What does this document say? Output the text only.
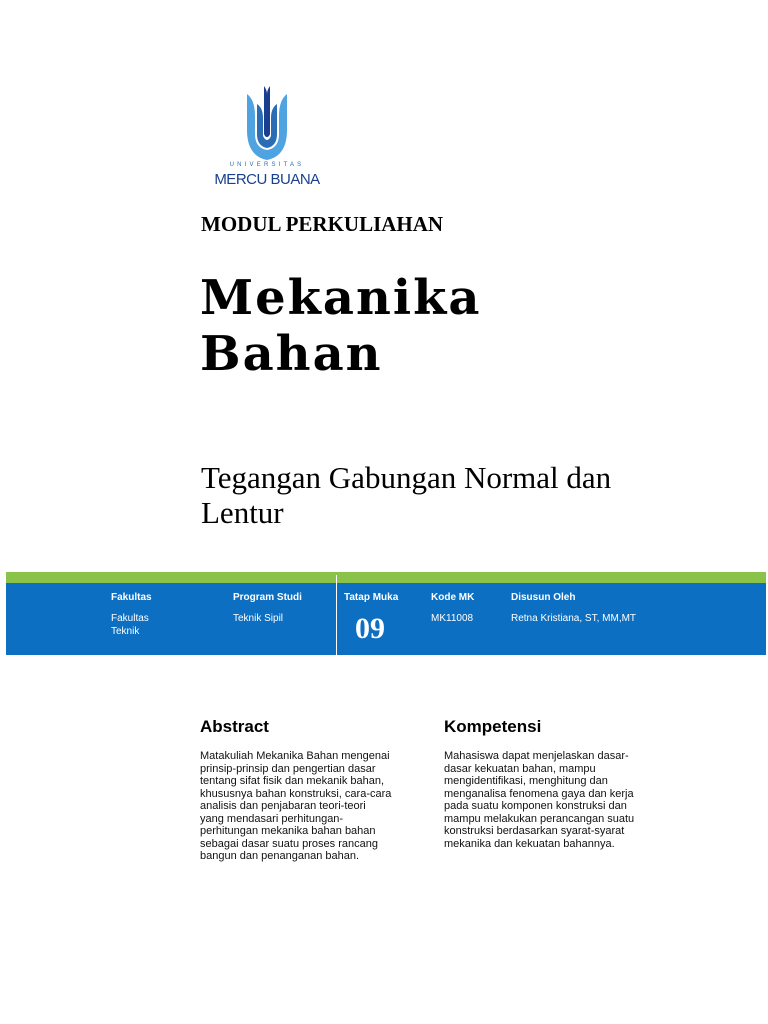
UNIVERSITAS
MERCU BUANA
MODUL PERKULIAHAN
Mekanika
Bahan
Tegangan Gabungan Normal dan Lentur
Fakultas
Fakultas
Teknik
Program Studi
Teknik Sipil
Tatap Muka
09
Kode MK
MK11008
Disusun Oleh
Retna Kristiana, ST, MM,MT
Abstract
Matakuliah Mekanika Bahan mengenai
prinsip-prinsip dan pengertian dasar
tentang sifat fisik dan mekanik bahan,
khususnya bahan konstruksi, cara-cara
analisis dan penjabaran teori-teori
yang mendasari perhitungan-
perhitungan mekanika bahan bahan
sebagai dasar suatu proses rancang
bangun dan penanganan bahan.
Kompetensi
Mahasiswa dapat menjelaskan dasar-
dasar kekuatan bahan, mampu
mengidentifikasi, menghitung dan
menganalisa fenomena gaya dan kerja
pada suatu komponen konstruksi dan
mampu melakukan perancangan suatu
konstruksi berdasarkan syarat-syarat
mekanika dan kekuatan bahannya.
